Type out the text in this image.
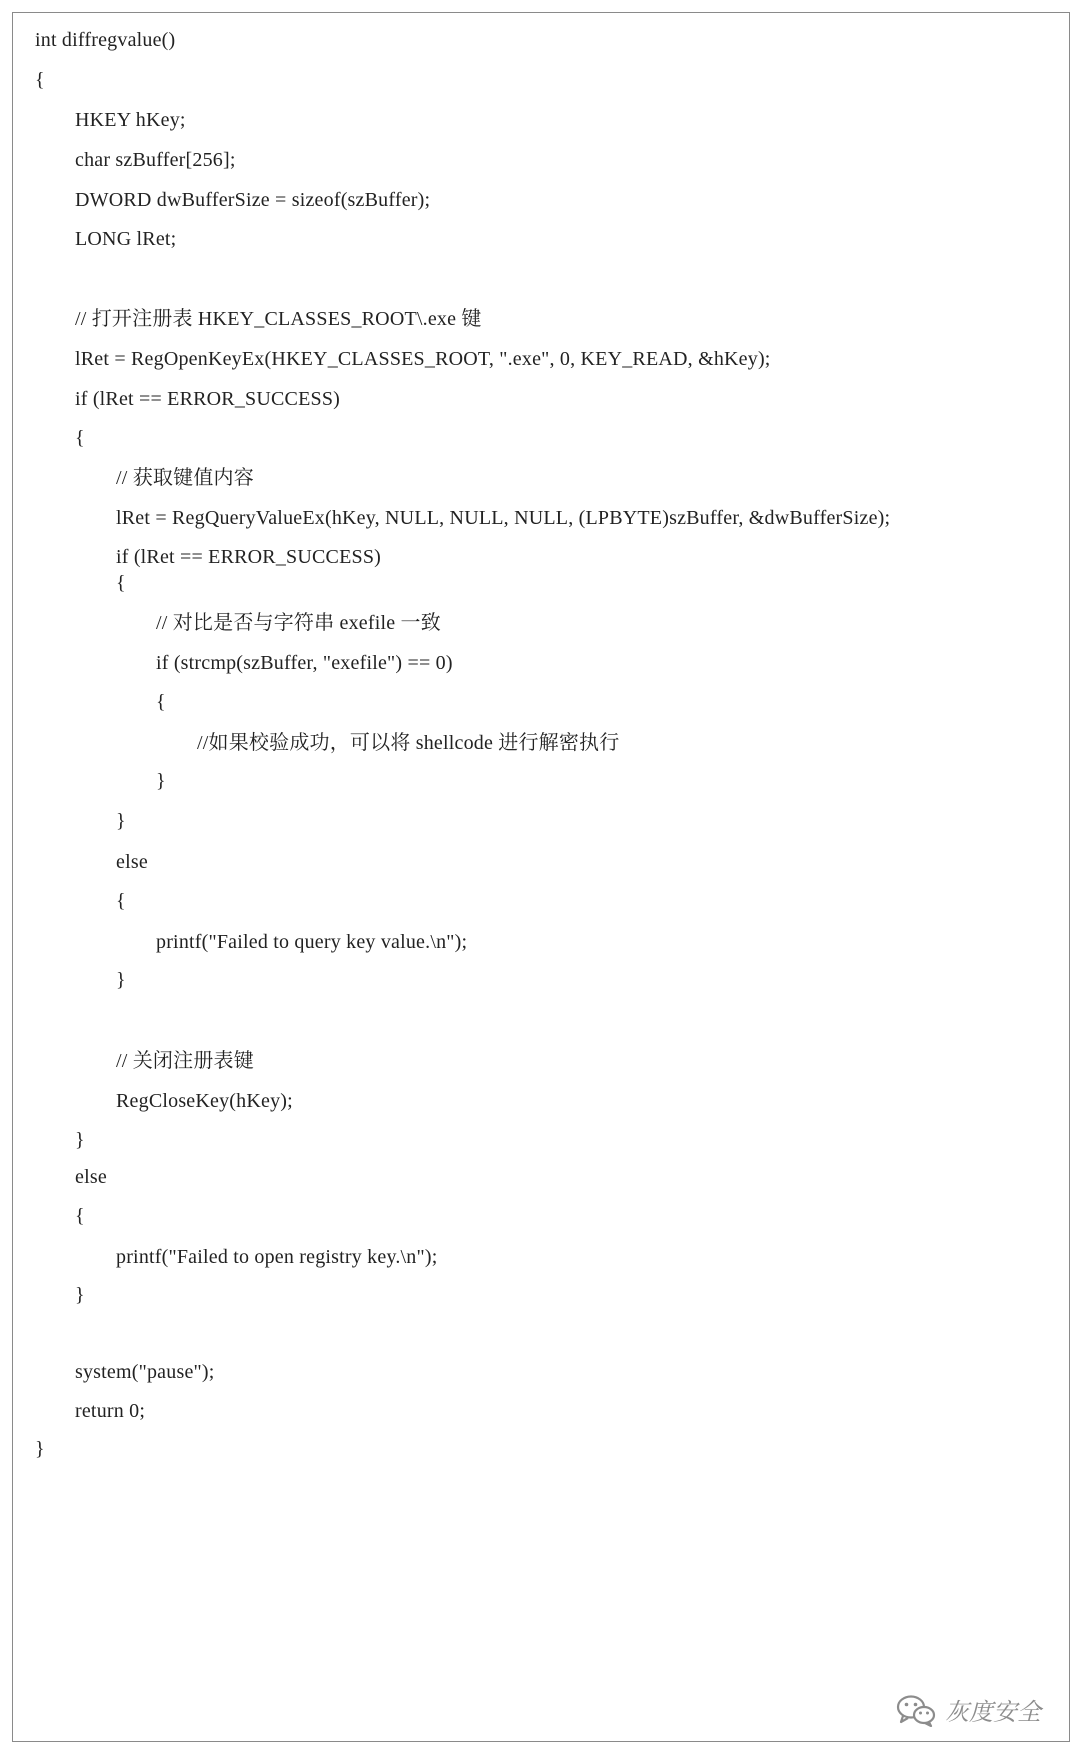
int diffregvalue()
{
HKEY hKey;
char szBuffer[256];
DWORD dwBufferSize = sizeof(szBuffer);
LONG lRet;
// 打开注册表 HKEY_CLASSES_ROOT\.exe 键
lRet = RegOpenKeyEx(HKEY_CLASSES_ROOT, ".exe", 0, KEY_READ, &hKey);
if (lRet == ERROR_SUCCESS)
{
// 获取键值内容
lRet = RegQueryValueEx(hKey, NULL, NULL, NULL, (LPBYTE)szBuffer, &dwBufferSize);
if (lRet == ERROR_SUCCESS)
{
// 对比是否与字符串 exefile 一致
if (strcmp(szBuffer, "exefile") == 0)
{
//如果校验成功，可以将 shellcode 进行解密执行
}
}
else
{
printf("Failed to query key value.\n");
}
// 关闭注册表键
RegCloseKey(hKey);
}
else
{
printf("Failed to open registry key.\n");
}
system("pause");
return 0;
}
灰度安全
